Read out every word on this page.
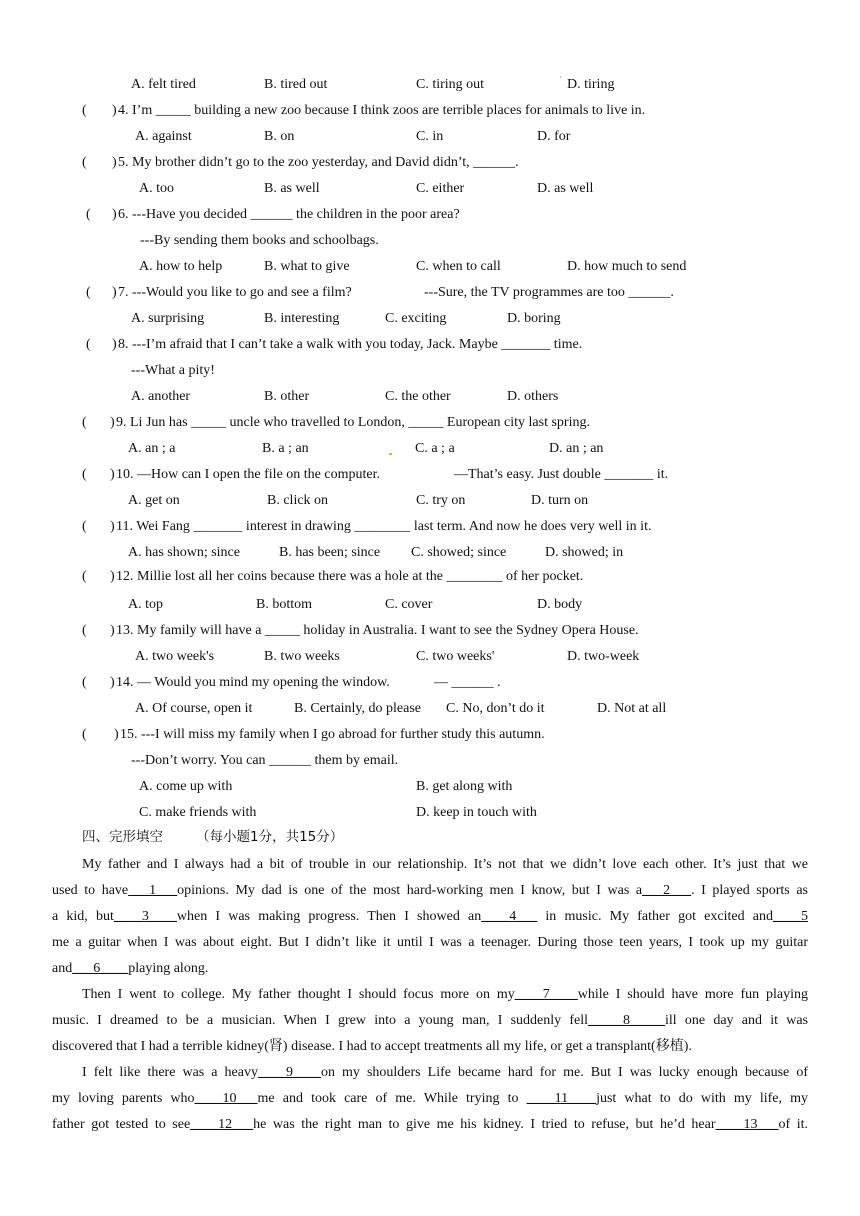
A. felt tired	B. tired out	C. tiring out	· D. tiring
( ) 4. I’m _____ building a new zoo because I think zoos are terrible places for animals to live in.
A. against	B. on	C. in	D. for
( ) 5. My brother didn’t go to the zoo yesterday, and David didn’t, ______.
A. too	B. as well	C. either	D. as well
( ) 6. ---Have you decided ______ the children in the poor area?
---By sending them books and schoolbags.
A. how to help	B. what to give	C. when to call	D. how much to send
( ) 7. ---Would you like to go and see a film?	---Sure, the TV programmes are too ______.
A. surprising	B. interesting	C. exciting	D. boring
( ) 8. ---I’m afraid that I can’t take a walk with you today, Jack. Maybe _______ time.
---What a pity!
A. another	B. other	C. the other	D. others
( ) 9. Li Jun has _____ uncle who travelled to London, _____ European city last spring.
A. an ; a	B. a ; an	C. a ; a	D. an ; an
( ) 10. —How can I open the file on the computer.	—That’s easy. Just double _______ it.
A. get on	B. click on	C. try on	D. turn on
( ) 11. Wei Fang _______ interest in drawing ________ last term. And now he does very well in it.
A. has shown; since	B. has been; since C. showed; since	D. showed; in
( ) 12. Millie lost all her coins because there was a hole at the ________ of her pocket.
A. top	B. bottom	C. cover	D. body
( ) 13. My family will have a _____ holiday in Australia. I want to see the Sydney Opera House.
A. two week's	B. two weeks	C. two weeks'	D. two-week
( ) 14. — Would you mind my opening the window.	— ______ .
A. Of course, open it	B. Certainly, do please C. No, don’t do it	D. Not at all
( ) 15. ---I will miss my family when I go abroad for further study this autumn.
---Don’t worry. You can ______ them by email.
A. come up with	B. get along with
C. make friends with	D. keep in touch with
四、完形填空 （每小题1分，共15分）
My father and I always had a bit of trouble in our relationship. It’s not that we didn’t love each other. It’s just that we
used to have___1___opinions. My dad is one of the most hard-working men I know, but I was a___2___. I played sports as
a kid, but____3____when I was making progress. Then I showed an____4___ in music. My father got excited and____5
me a guitar when I was about eight. But I didn’t like it until I was a teenager. During those teen years, I took up my guitar
and___6____playing along.
Then I went to college. My father thought I should focus more on my____7____while I should have more fun playing
music. I dreamed to be a musician. When I grew into a young man, I suddenly fell_____8_____ill one day and it was
discovered that I had a terrible kidney(肾) disease. I had to accept treatments all my life, or get a transplant(移植).
I felt like there was a heavy____9____on my shoulders Life became hard for me. But I was lucky enough because of
my loving parents who____10___me and took care of me. While trying to ____11____just what to do with my life, my
father got tested to see____12___he was the right man to give me his kidney. I tried to refuse, but he’d hear____13___of it.
